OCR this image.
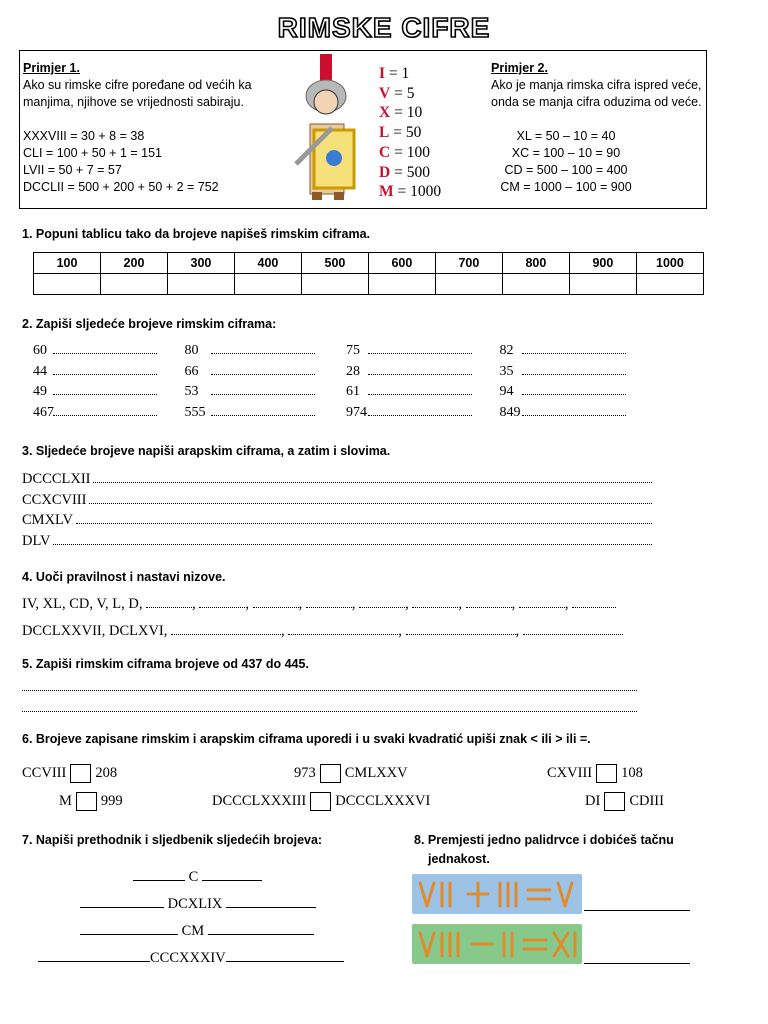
RIMSKE CIFRE
Primjer 1.
Ako su rimske cifre poređane od većih ka
manjima, njihove se vrijednosti sabiraju.
XXXVIII = 30 + 8 = 38
CLI = 100 + 50 + 1 = 151
LVII = 50 + 7 = 57
DCCLII = 500 + 200 + 50 + 2 = 752
I = 1
V = 5
X = 10
L = 50
C = 100
D = 500
M = 1000
Primjer 2.
Ako je manja rimska cifra ispred veće,
onda se manja cifra oduzima od veće.
XL = 50 – 10 = 40
XC = 100 – 10 = 90
CD = 500 – 100 = 400
CM = 1000 – 100 = 900
1. Popuni tablicu tako da brojeve napišeš rimskim ciframa.
100	200	300	400	500	600	700	800	900	1000

2. Zapiši sljedeće brojeve rimskim ciframa:
60	80	75	82
44	66	28	35
49	53	61	94
467	555	974	849
3. Sljedeće brojeve napiši arapskim ciframa, a zatim i slovima.
DCCCLXII
CCXCVIII
CMXLV
DLV
4. Uoči pravilnost i nastavi nizove.
IV, XL, CD, V, L, D,	,	,	,	,	,	,	,	,
DCCLXXVII, DCLXVI,	,	,	,
5. Zapiši rimskim ciframa brojeve od 437 do 445.
6. Brojeve zapisane rimskim i arapskim ciframa uporedi i u svaki kvadratić upiši znak < ili > ili =.
CCVIII 208	973 CMLXXV	CXVIII 108
M 999	DCCCLXXXIII DCCCLXXXVI	DI CDIII
7. Napiši prethodnik i sljedbenik sljedećih brojeva:
C
DCXLIX
CM
CCCXXXIV
8. Premjesti jedno palidrvce i dobićeš tačnu
jednakost.
